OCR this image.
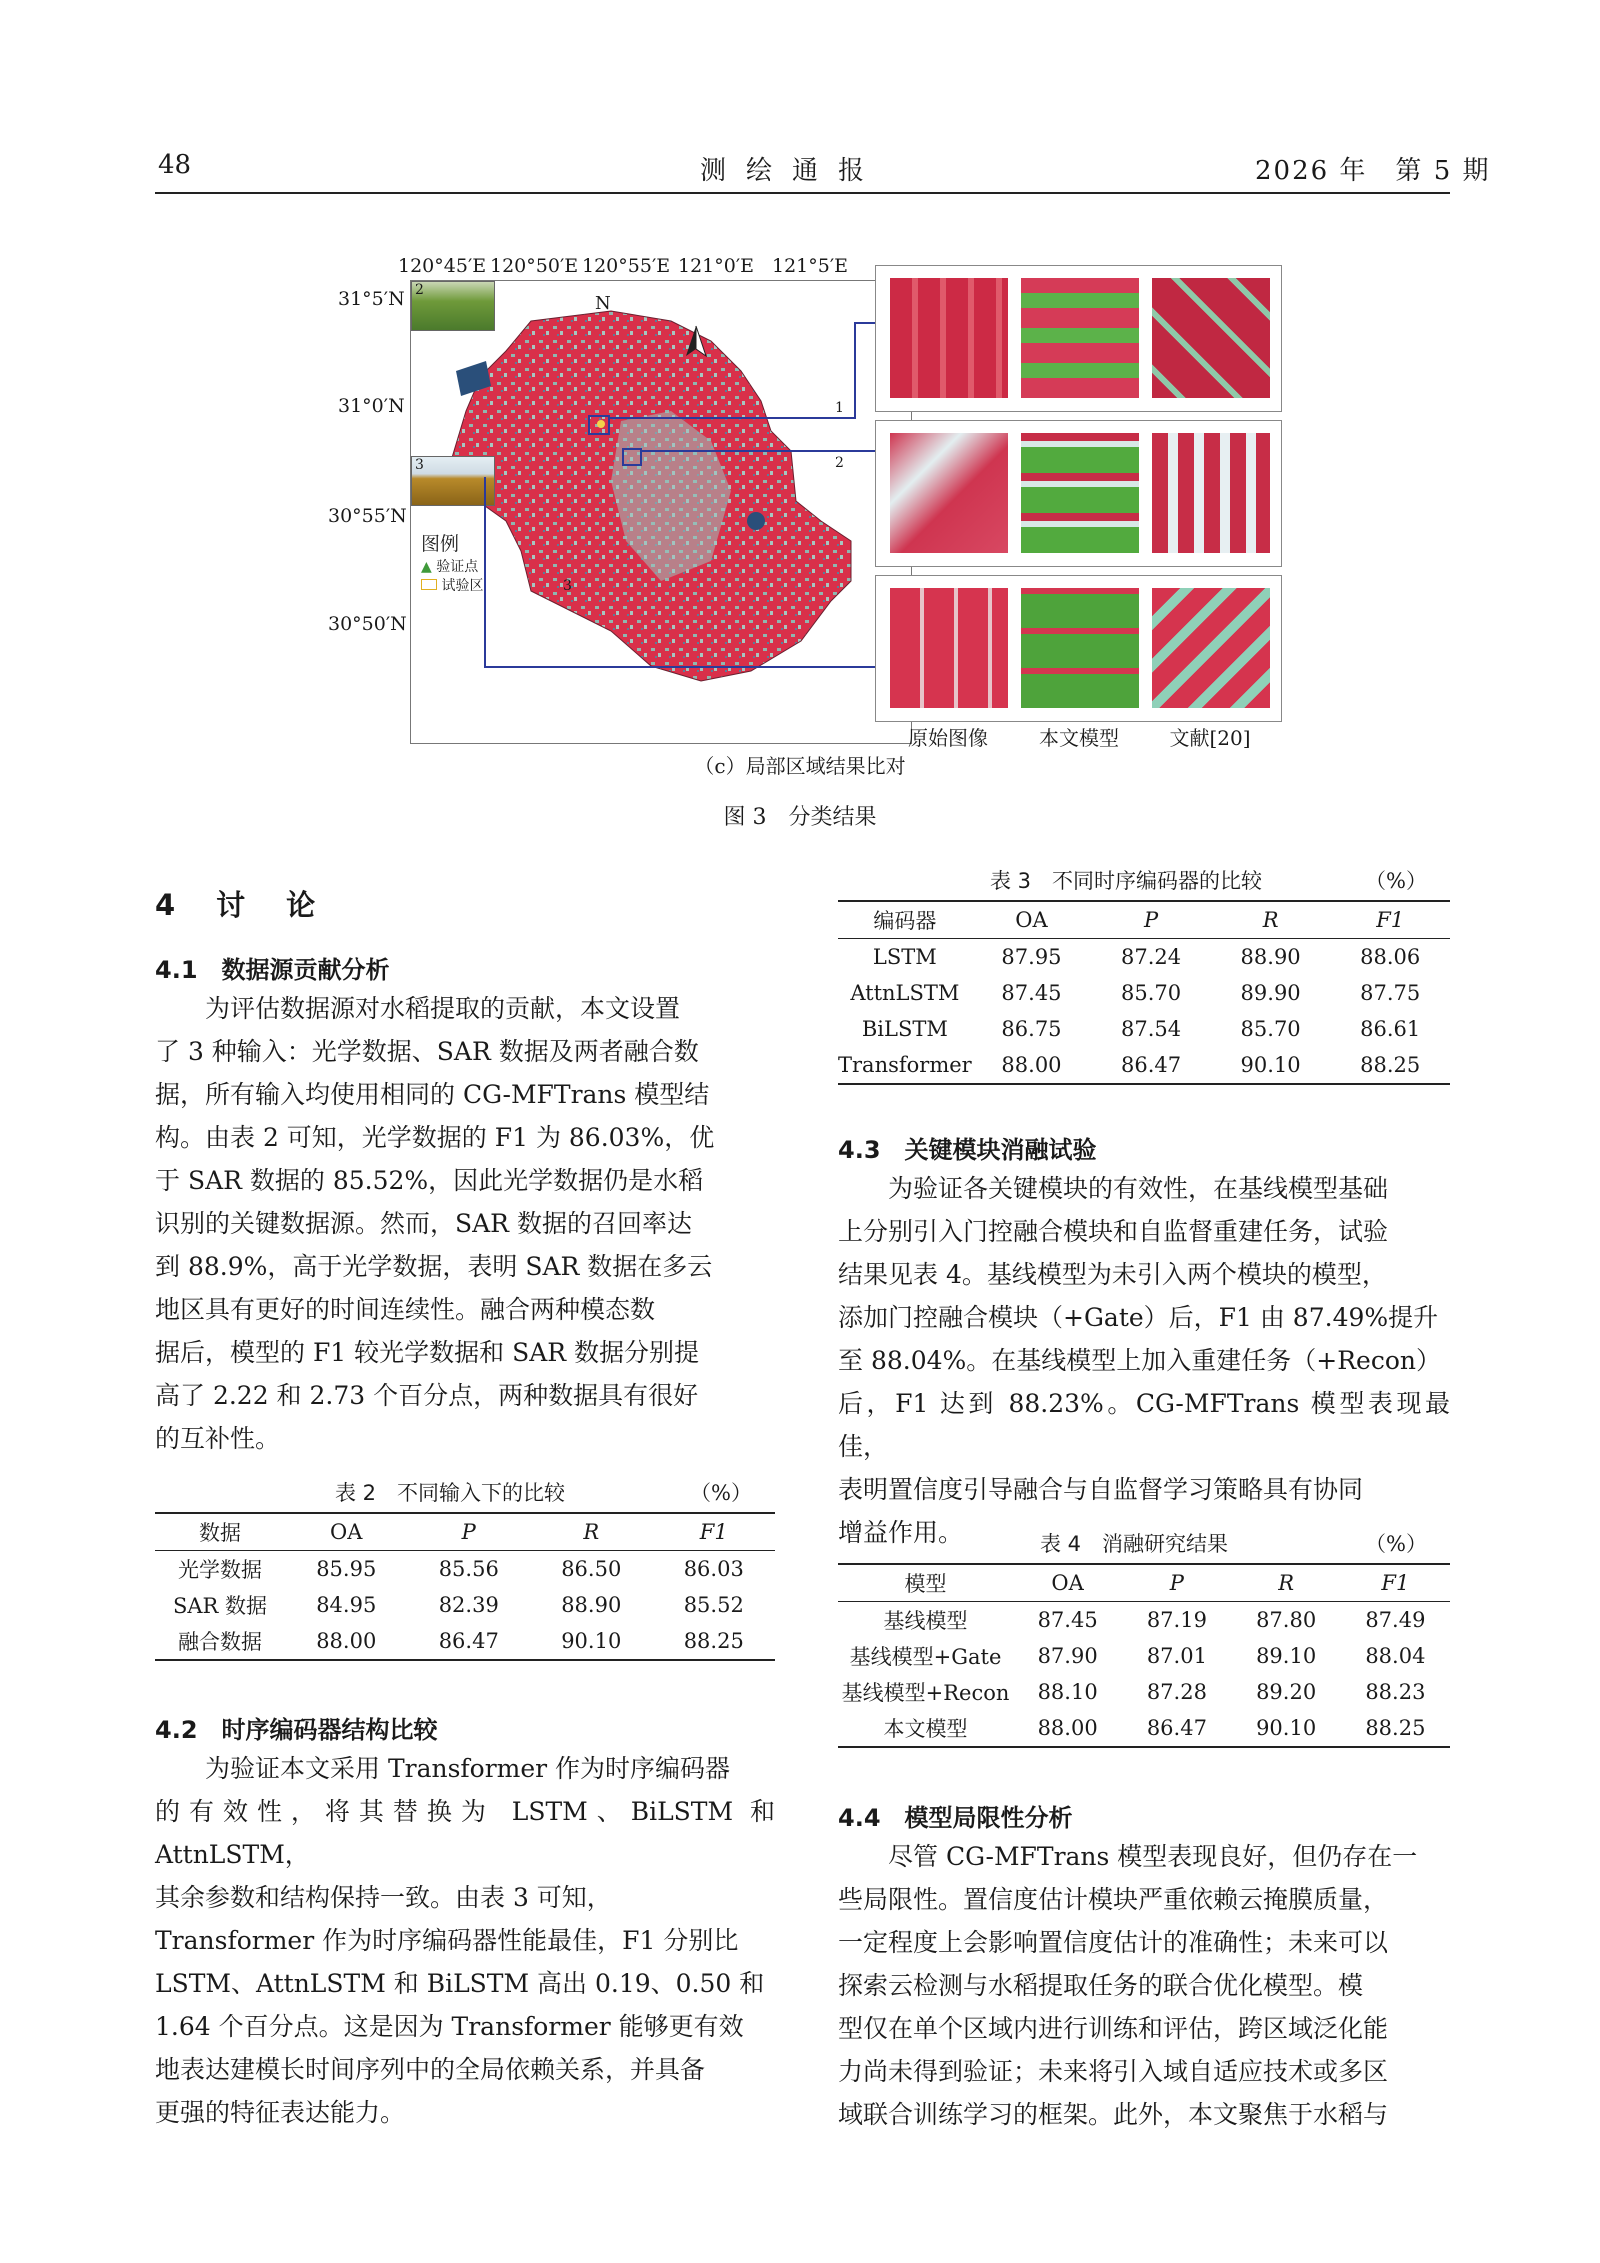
48	测绘通报	2026 年　第 5 期
120°45′E 120°50′E 120°55′E 121°0′E 121°5′E
31°5′N
31°0′N
30°55′N
30°50′N
N
2
3
图例
▲ 验证点
试验区
1
2
3
原始图像	本文模型	文献[20]
（c）局部区域结果比对
图 3　分类结果
4　讨　论
4.1　数据源贡献分析

为评估数据源对水稻提取的贡献，本文设置

了 3 种输入：光学数据、SAR 数据及两者融合数

据，所有输入均使用相同的 CG-MFTrans 模型结

构。由表 2 可知，光学数据的 F1 为 86.03%，优

于 SAR 数据的 85.52%，因此光学数据仍是水稻

识别的关键数据源。然而，SAR 数据的召回率达

到 88.9%，高于光学数据，表明 SAR 数据在多云

地区具有更好的时间连续性。融合两种模态数

据后，模型的 F1 较光学数据和 SAR 数据分别提

高了 2.22 和 2.73 个百分点，两种数据具有很好

的互补性。

表 2　不同输入下的比较	（%）
数据	OA	P	R	F1
光学数据	85.95	85.56	86.50	86.03
SAR 数据	84.95	82.39	88.90	85.52
融合数据	88.00	86.47	90.10	88.25
4.2　时序编码器结构比较

为验证本文采用 Transformer 作为时序编码器

的有效性，将其替换为 LSTM、BiLSTM 和 AttnLSTM，

其余参数和结构保持一致。由表 3 可知，

Transformer 作为时序编码器性能最佳，F1 分别比

LSTM、AttnLSTM 和 BiLSTM 高出 0.19、0.50 和

1.64 个百分点。这是因为 Transformer 能够更有效

地表达建模长时间序列中的全局依赖关系，并具备

更强的特征表达能力。

表 3　不同时序编码器的比较	（%）
编码器	OA	P	R	F1
LSTM	87.95	87.24	88.90	88.06
AttnLSTM	87.45	85.70	89.90	87.75
BiLSTM	86.75	87.54	85.70	86.61
Transformer	88.00	86.47	90.10	88.25
4.3　关键模块消融试验

为验证各关键模块的有效性，在基线模型基础

上分别引入门控融合模块和自监督重建任务，试验

结果见表 4。基线模型为未引入两个模块的模型，

添加门控融合模块（+Gate）后，F1 由 87.49%提升

至 88.04%。在基线模型上加入重建任务（+Recon）

后，F1 达到 88.23%。CG-MFTrans 模型表现最佳，

表明置信度引导融合与自监督学习策略具有协同

增益作用。	表 4　消融研究结果	（%）
模型	OA	P	R	F1
基线模型	87.45	87.19	87.80	87.49
基线模型+Gate	87.90	87.01	89.10	88.04
基线模型+Recon	88.10	87.28	89.20	88.23
本文模型	88.00	86.47	90.10	88.25
4.4　模型局限性分析

尽管 CG-MFTrans 模型表现良好，但仍存在一

些局限性。置信度估计模块严重依赖云掩膜质量，

一定程度上会影响置信度估计的准确性；未来可以

探索云检测与水稻提取任务的联合优化模型。模

型仅在单个区域内进行训练和评估，跨区域泛化能

力尚未得到验证；未来将引入域自适应技术或多区

域联合训练学习的框架。此外，本文聚焦于水稻与
